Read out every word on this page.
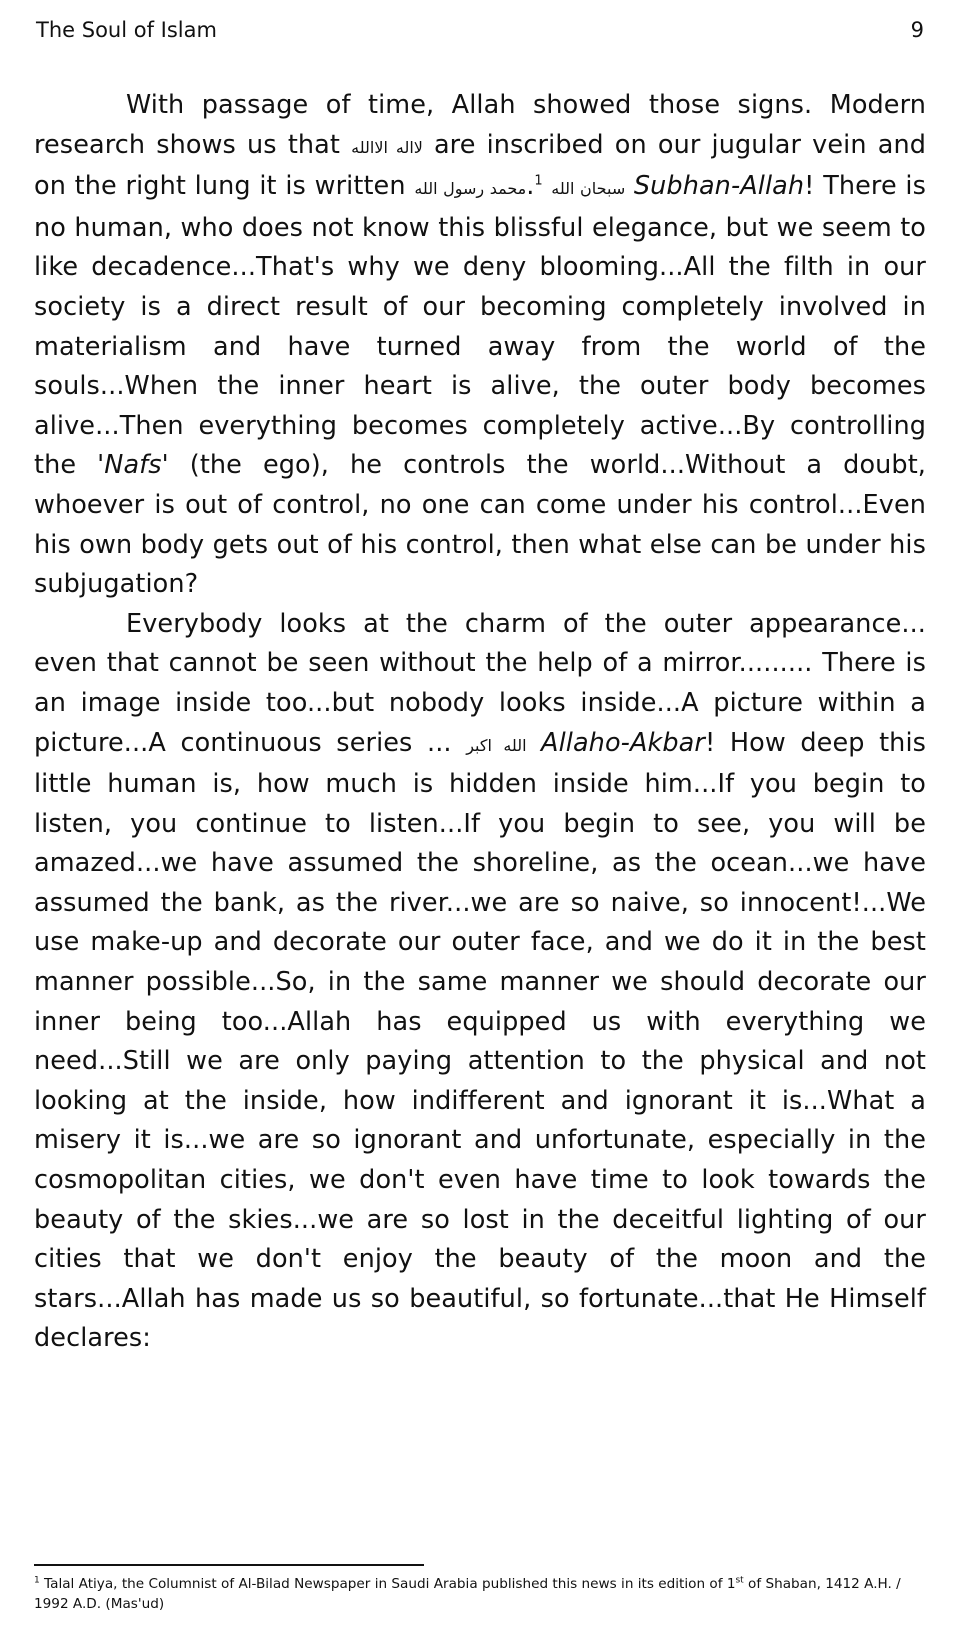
The Soul of Islam	9

With passage of time, Allah showed those signs. Modern research shows us that لااله الاالله are inscribed on our jugular vein and on the right lung it is written محمد رسول الله.$^1$ سبحان الله Subhan-Allah! There is no human, who does not know this blissful elegance, but we seem to like decadence...That's why we deny blooming...All the filth in our society is a direct result of our becoming completely involved in materialism and have turned away from the world of the souls...When the inner heart is alive, the outer body becomes alive...Then everything becomes completely active...By controlling the 'Nafs' (the ego), he controls the world...Without a doubt, whoever is out of control, no one can come under his control...Even his own body gets out of his control, then what else can be under his subjugation?

Everybody looks at the charm of the outer appearance... even that cannot be seen without the help of a mirror......... There is an image inside too...but nobody looks inside...A picture within a picture...A continuous series ... الله اكبر Allaho-Akbar! How deep this little human is, how much is hidden inside him...If you begin to listen, you continue to listen...If you begin to see, you will be amazed...we have assumed the shoreline, as the ocean...we have assumed the bank, as the river...we are so naive, so innocent!...We use make-up and decorate our outer face, and we do it in the best manner possible...So, in the same manner we should decorate our inner being too...Allah has equipped us with everything we need...Still we are only paying attention to the physical and not looking at the inside, how indifferent and ignorant it is...What a misery it is...we are so ignorant and unfortunate, especially in the cosmopolitan cities, we don't even have time to look towards the beauty of the skies...we are so lost in the deceitful lighting of our cities that we don't enjoy the beauty of the moon and the stars...Allah has made us so beautiful, so fortunate...that He Himself declares:

$^1$ Talal Atiya, the Columnist of Al-Bilad Newspaper in Saudi Arabia published this news in its edition of 1st of Shaban, 1412 A.H. / 1992 A.D. (Mas'ud)
